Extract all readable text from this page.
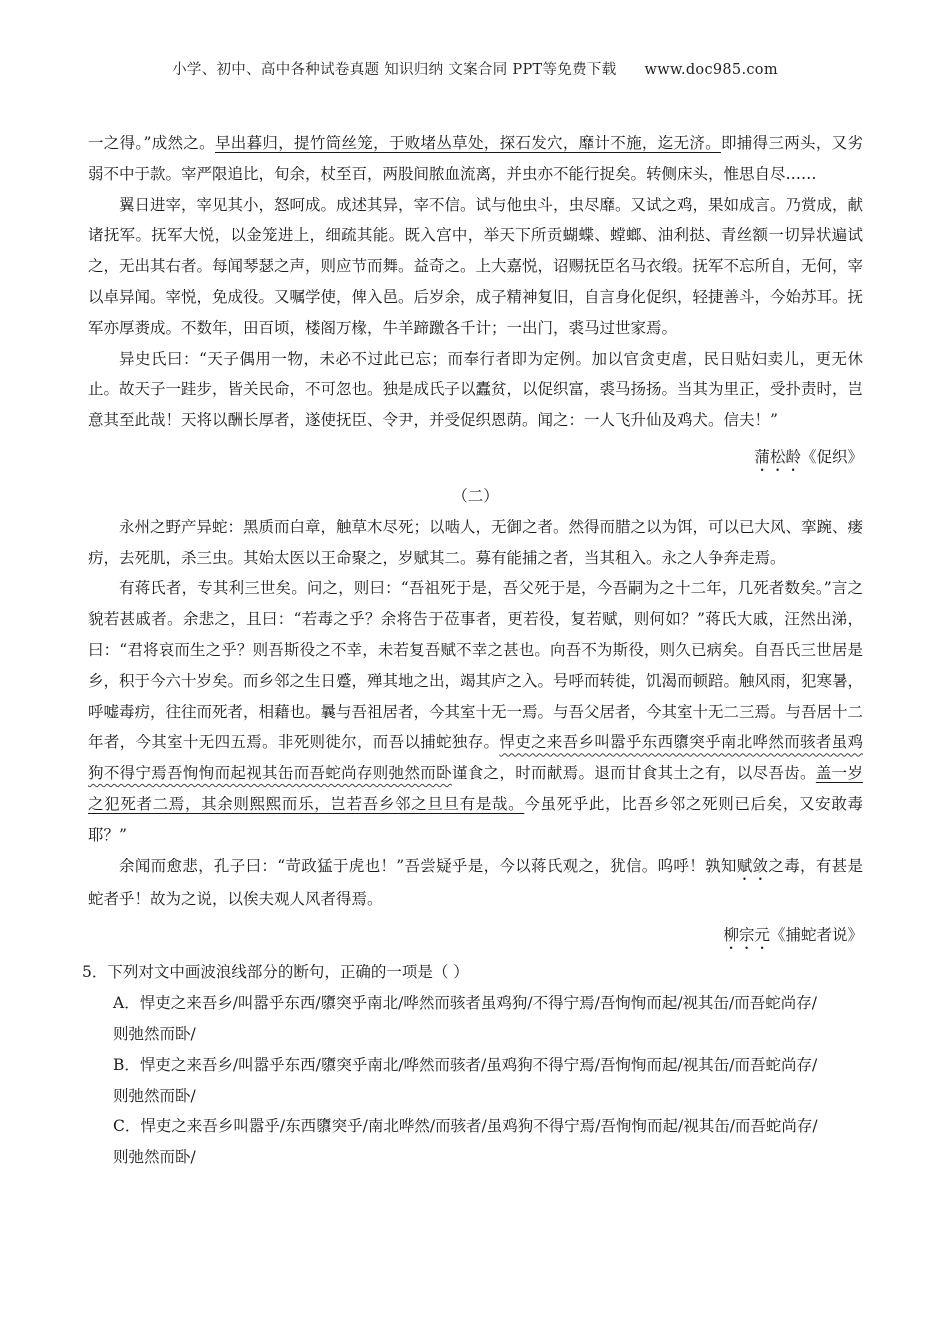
小学、初中、高中各种试卷真题 知识归纳 文案合同 PPT等免费下载 www.doc985.com

一之得。”成然之。早出暮归，提竹筒丝笼，于败堵丛草处，探石发穴，靡计不施，迄无济。即捕得三两头，又劣弱不中于款。宰严限追比，旬余，杖至百，两股间脓血流离，并虫亦不能行捉矣。转侧床头，惟思自尽……

翼日进宰，宰见其小，怒呵成。成述其异，宰不信。试与他虫斗，虫尽靡。又试之鸡，果如成言。乃赏成，献诸抚军。抚军大悦，以金笼进上，细疏其能。既入宫中，举天下所贡蝴蝶、螳螂、油利挞、青丝额一切异状遍试之，无出其右者。每闻琴瑟之声，则应节而舞。益奇之。上大嘉悦，诏赐抚臣名马衣缎。抚军不忘所自，无何，宰以卓异闻。宰悦，免成役。又嘱学使，俾入邑。后岁余，成子精神复旧，自言身化促织，轻捷善斗，今始苏耳。抚军亦厚赉成。不数年，田百顷，楼阁万椽，牛羊蹄躈各千计；一出门，裘马过世家焉。

异史氏曰：“天子偶用一物，未必不过此已忘；而奉行者即为定例。加以官贪吏虐，民日贴妇卖儿，更无休止。故天子一跬步，皆关民命，不可忽也。独是成氏子以蠹贫，以促织富，裘马扬扬。当其为里正，受扑责时，岂意其至此哉！天将以酬长厚者，遂使抚臣、令尹，并受促织恩荫。闻之：一人飞升仙及鸡犬。信夫！”

蒲松龄《促织》
（二）

永州之野产异蛇：黑质而白章，触草木尽死；以啮人，无御之者。然得而腊之以为饵，可以已大风、挛踠、瘘疠，去死肌，杀三虫。其始太医以王命聚之，岁赋其二。募有能捕之者，当其租入。永之人争奔走焉。

有蒋氏者，专其利三世矣。问之，则曰：“吾祖死于是，吾父死于是，今吾嗣为之十二年，几死者数矣。”言之貌若甚戚者。余悲之，且曰：“若毒之乎？余将告于莅事者，更若役，复若赋，则何如？”蒋氏大戚，汪然出涕，曰：“君将哀而生之乎？则吾斯役之不幸，未若复吾赋不幸之甚也。向吾不为斯役，则久已病矣。自吾氏三世居是乡，积于今六十岁矣。而乡邻之生日蹙，殚其地之出，竭其庐之入。号呼而转徙，饥渴而顿踣。触风雨，犯寒暑，呼嘘毒疠，往往而死者，相藉也。曩与吾祖居者，今其室十无一焉。与吾父居者，今其室十无二三焉。与吾居十二年者，今其室十无四五焉。非死则徙尔，而吾以捕蛇独存。悍吏之来吾乡叫嚣乎东西隳突乎南北哗然而骇者虽鸡狗不得宁焉吾恂恂而起视其缶而吾蛇尚存则弛然而卧谨食之，时而献焉。退而甘食其土之有，以尽吾齿。盖一岁之犯死者二焉，其余则熙熙而乐，岂若吾乡邻之旦旦有是哉。今虽死乎此，比吾乡邻之死则已后矣，又安敢毒耶？”

余闻而愈悲，孔子曰：“苛政猛于虎也！”吾尝疑乎是，今以蒋氏观之，犹信。呜呼！孰知赋敛之毒，有甚是蛇者乎！故为之说，以俟夫观人风者得焉。

柳宗元《捕蛇者说》
5．下列对文中画波浪线部分的断句，正确的一项是（ ）
A．悍吏之来吾乡/叫嚣乎东西/隳突乎南北/哗然而骇者虽鸡狗/不得宁焉/吾恂恂而起/视其缶/而吾蛇尚存/
则弛然而卧/
B．悍吏之来吾乡/叫嚣乎东西/隳突乎南北/哗然而骇者/虽鸡狗不得宁焉/吾恂恂而起/视其缶/而吾蛇尚存/
则弛然而卧/
C．悍吏之来吾乡叫嚣乎/东西隳突乎/南北哗然/而骇者/虽鸡狗不得宁焉/吾恂恂而起/视其缶/而吾蛇尚存/
则弛然而卧/
